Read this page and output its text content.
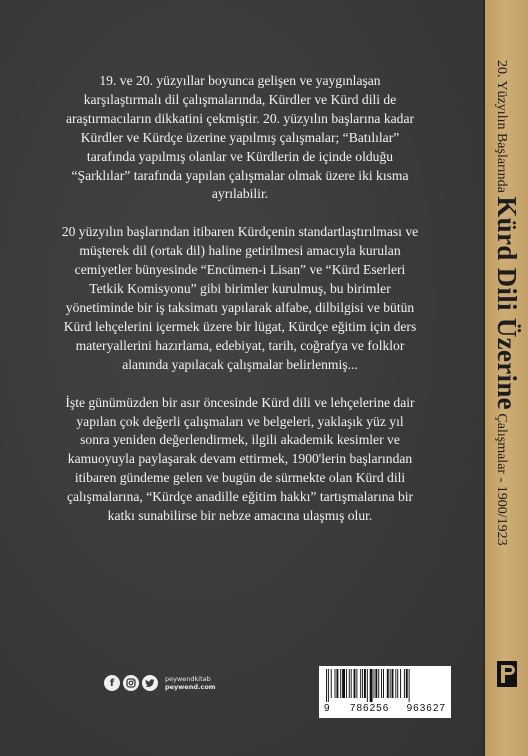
19. ve 20. yüzyıllar boyunca gelişen ve yaygınlaşan karşılaştırmalı dil çalışmalarında, Kürdler ve Kürd dili de araştırmacıların dikkatini çekmiştir. 20. yüzyılın başlarına kadar Kürdler ve Kürdçe üzerine yapılmış çalışmalar; “Batılılar” tarafında yapılmış olanlar ve Kürdlerin de içinde olduğu “Şarklılar” tarafında yapılan çalışmalar olmak üzere iki kısma ayrılabilir.

20 yüzyılın başlarından itibaren Kürdçenin standartlaştırılması ve müşterek dil (ortak dil) haline getirilmesi amacıyla kurulan cemiyetler bünyesinde “Encümen-i Lisan” ve “Kürd Eserleri Tetkik Komisyonu” gibi birimler kurulmuş, bu birimler yönetiminde bir iş taksimatı yapılarak alfabe, dilbilgisi ve bütün Kürd lehçelerini içermek üzere bir lügat, Kürdçe eğitim için ders materyallerini hazırlama, edebiyat, tarih, coğrafya ve folklor alanında yapılacak çalışmalar belirlenmiş...

İşte günümüzden bir asır öncesinde Kürd dili ve lehçelerine dair yapılan çok değerli çalışmaları ve belgeleri, yaklaşık yüz yıl sonra yeniden değerlendirmek, ilgili akademik kesimler ve kamuoyuyla paylaşarak devam ettirmek, 1900'lerin başlarından itibaren gündeme gelen ve bugün de sürmekte olan Kürd dili çalışmalarına, “Kürdçe anadille eğitim hakkı” tartışmalarına bir katkı sunabilirse bir nebze amacına ulaşmış olur.

f	peywendkitab
peywend.com
9 786256 963627
20. Yüzyılın Başlarında Kürd Dili Üzerine Çalışmalar - 1900/1923
